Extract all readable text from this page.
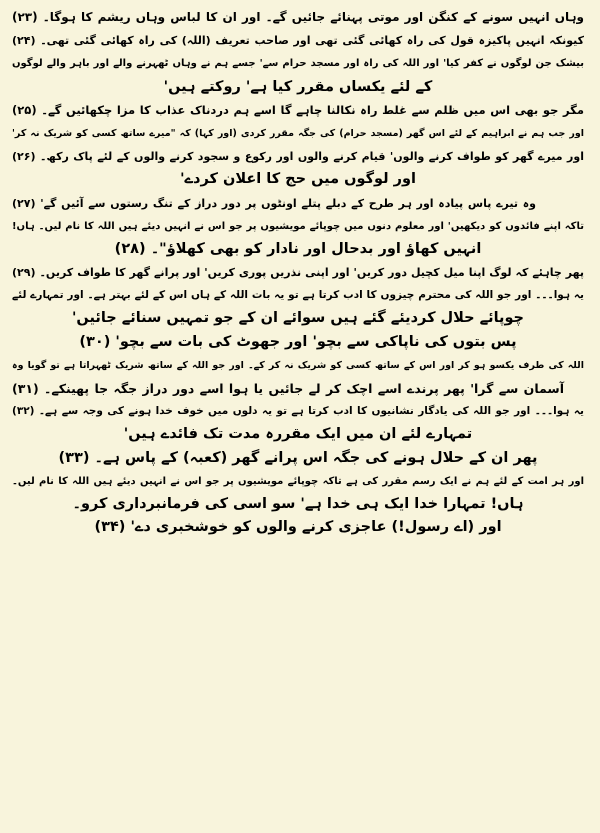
وہاں انہیں سونے کے کنگن اور موتی پہنائے جائیں گے۔ اور ان کا لباس وہاں ریشم کا ہوگا۔ (۲۳)
کیونکہ انہیں پاکیزہ قول کی راہ کھائی گئی تھی اور صاحب تعریف (اللہ) کی راہ کھائی گئی تھی۔ (۲۴)
بیشک جن لوگوں نے کفر کیا' اور اللہ کی راہ اور مسجد حرام سے' جسے ہم نے وہاں ٹھہرنے والے اور باہر والے لوگوں
کے لئے یکساں مقرر کیا ہے' روکتے ہیں'
مگر جو بھی اس میں ظلم سے غلط راہ نکالنا چاہے گا اسے ہم دردناک عذاب کا مزا چکھائیں گے۔ (۲۵)
اور جب ہم نے ابراہیم کے لئے اس گھر (مسجد حرام) کی جگہ مقرر کردی (اور کہا) کہ "میرے ساتھ کسی کو شریک نہ کر'
اور میرے گھر کو طواف کرنے والوں' قیام کرنے والوں اور رکوع و سجود کرنے والوں کے لئے پاک رکھ۔ (۲۶)
اور لوگوں میں حج کا اعلان کردے'
وہ تیرے پاس پیادہ اور ہر طرح کے دبلے پتلے اونٹوں پر دور دراز کے تنگ رستوں سے آئیں گے' (۲۷)
تاکہ اپنے فائدوں کو دیکھیں' اور معلوم دنوں میں چوپائے مویشیوں پر جو اس نے انہیں دیئے ہیں اللہ کا نام لیں۔ ہاں!
انہیں کھاؤ اور بدحال اور نادار کو بھی کھلاؤ"۔ (۲۸)
پھر چاہئے کہ لوگ اپنا میل کچیل دور کریں' اور اپنی نذریں پوری کریں' اور پرانے گھر کا طواف کریں۔ (۲۹)
یہ ہوا۔۔۔ اور جو اللہ کی محترم چیزوں کا ادب کرتا ہے تو یہ بات اللہ کے ہاں اس کے لئے بہتر ہے۔ اور تمہارے لئے
چوپائے حلال کردیئے گئے ہیں سوائے ان کے جو تمہیں سنائے جائیں'
پس بتوں کی ناپاکی سے بچو' اور جھوٹ کی بات سے بچو' (۳۰)
اللہ کی طرف یکسو ہو کر اور اس کے ساتھ کسی کو شریک نہ کر کے۔ اور جو اللہ کے ساتھ شریک ٹھہراتا ہے تو گویا وہ
آسمان سے گرا' پھر پرندے اسے اچک کر لے جائیں یا ہوا اسے دور دراز جگہ جا پھینکے۔ (۳۱)
یہ ہوا۔۔۔ اور جو اللہ کی یادگار نشانیوں کا ادب کرتا ہے تو یہ دلوں میں خوف خدا ہونے کی وجہ سے ہے۔ (۳۲)
تمہارے لئے ان میں ایک مقررہ مدت تک فائدے ہیں'
پھر ان کے حلال ہونے کی جگہ اس پرانے گھر (کعبہ) کے پاس ہے۔ (۳۳)
اور ہر امت کے لئے ہم نے ایک رسم مقرر کی ہے تاکہ چوپائے مویشیوں پر جو اس نے انہیں دیئے ہیں اللہ کا نام لیں۔
ہاں! تمہارا خدا ایک ہی خدا ہے' سو اسی کی فرمانبرداری کرو۔
اور (اے رسول!) عاجزی کرنے والوں کو خوشخبری دے' (۳۴)
